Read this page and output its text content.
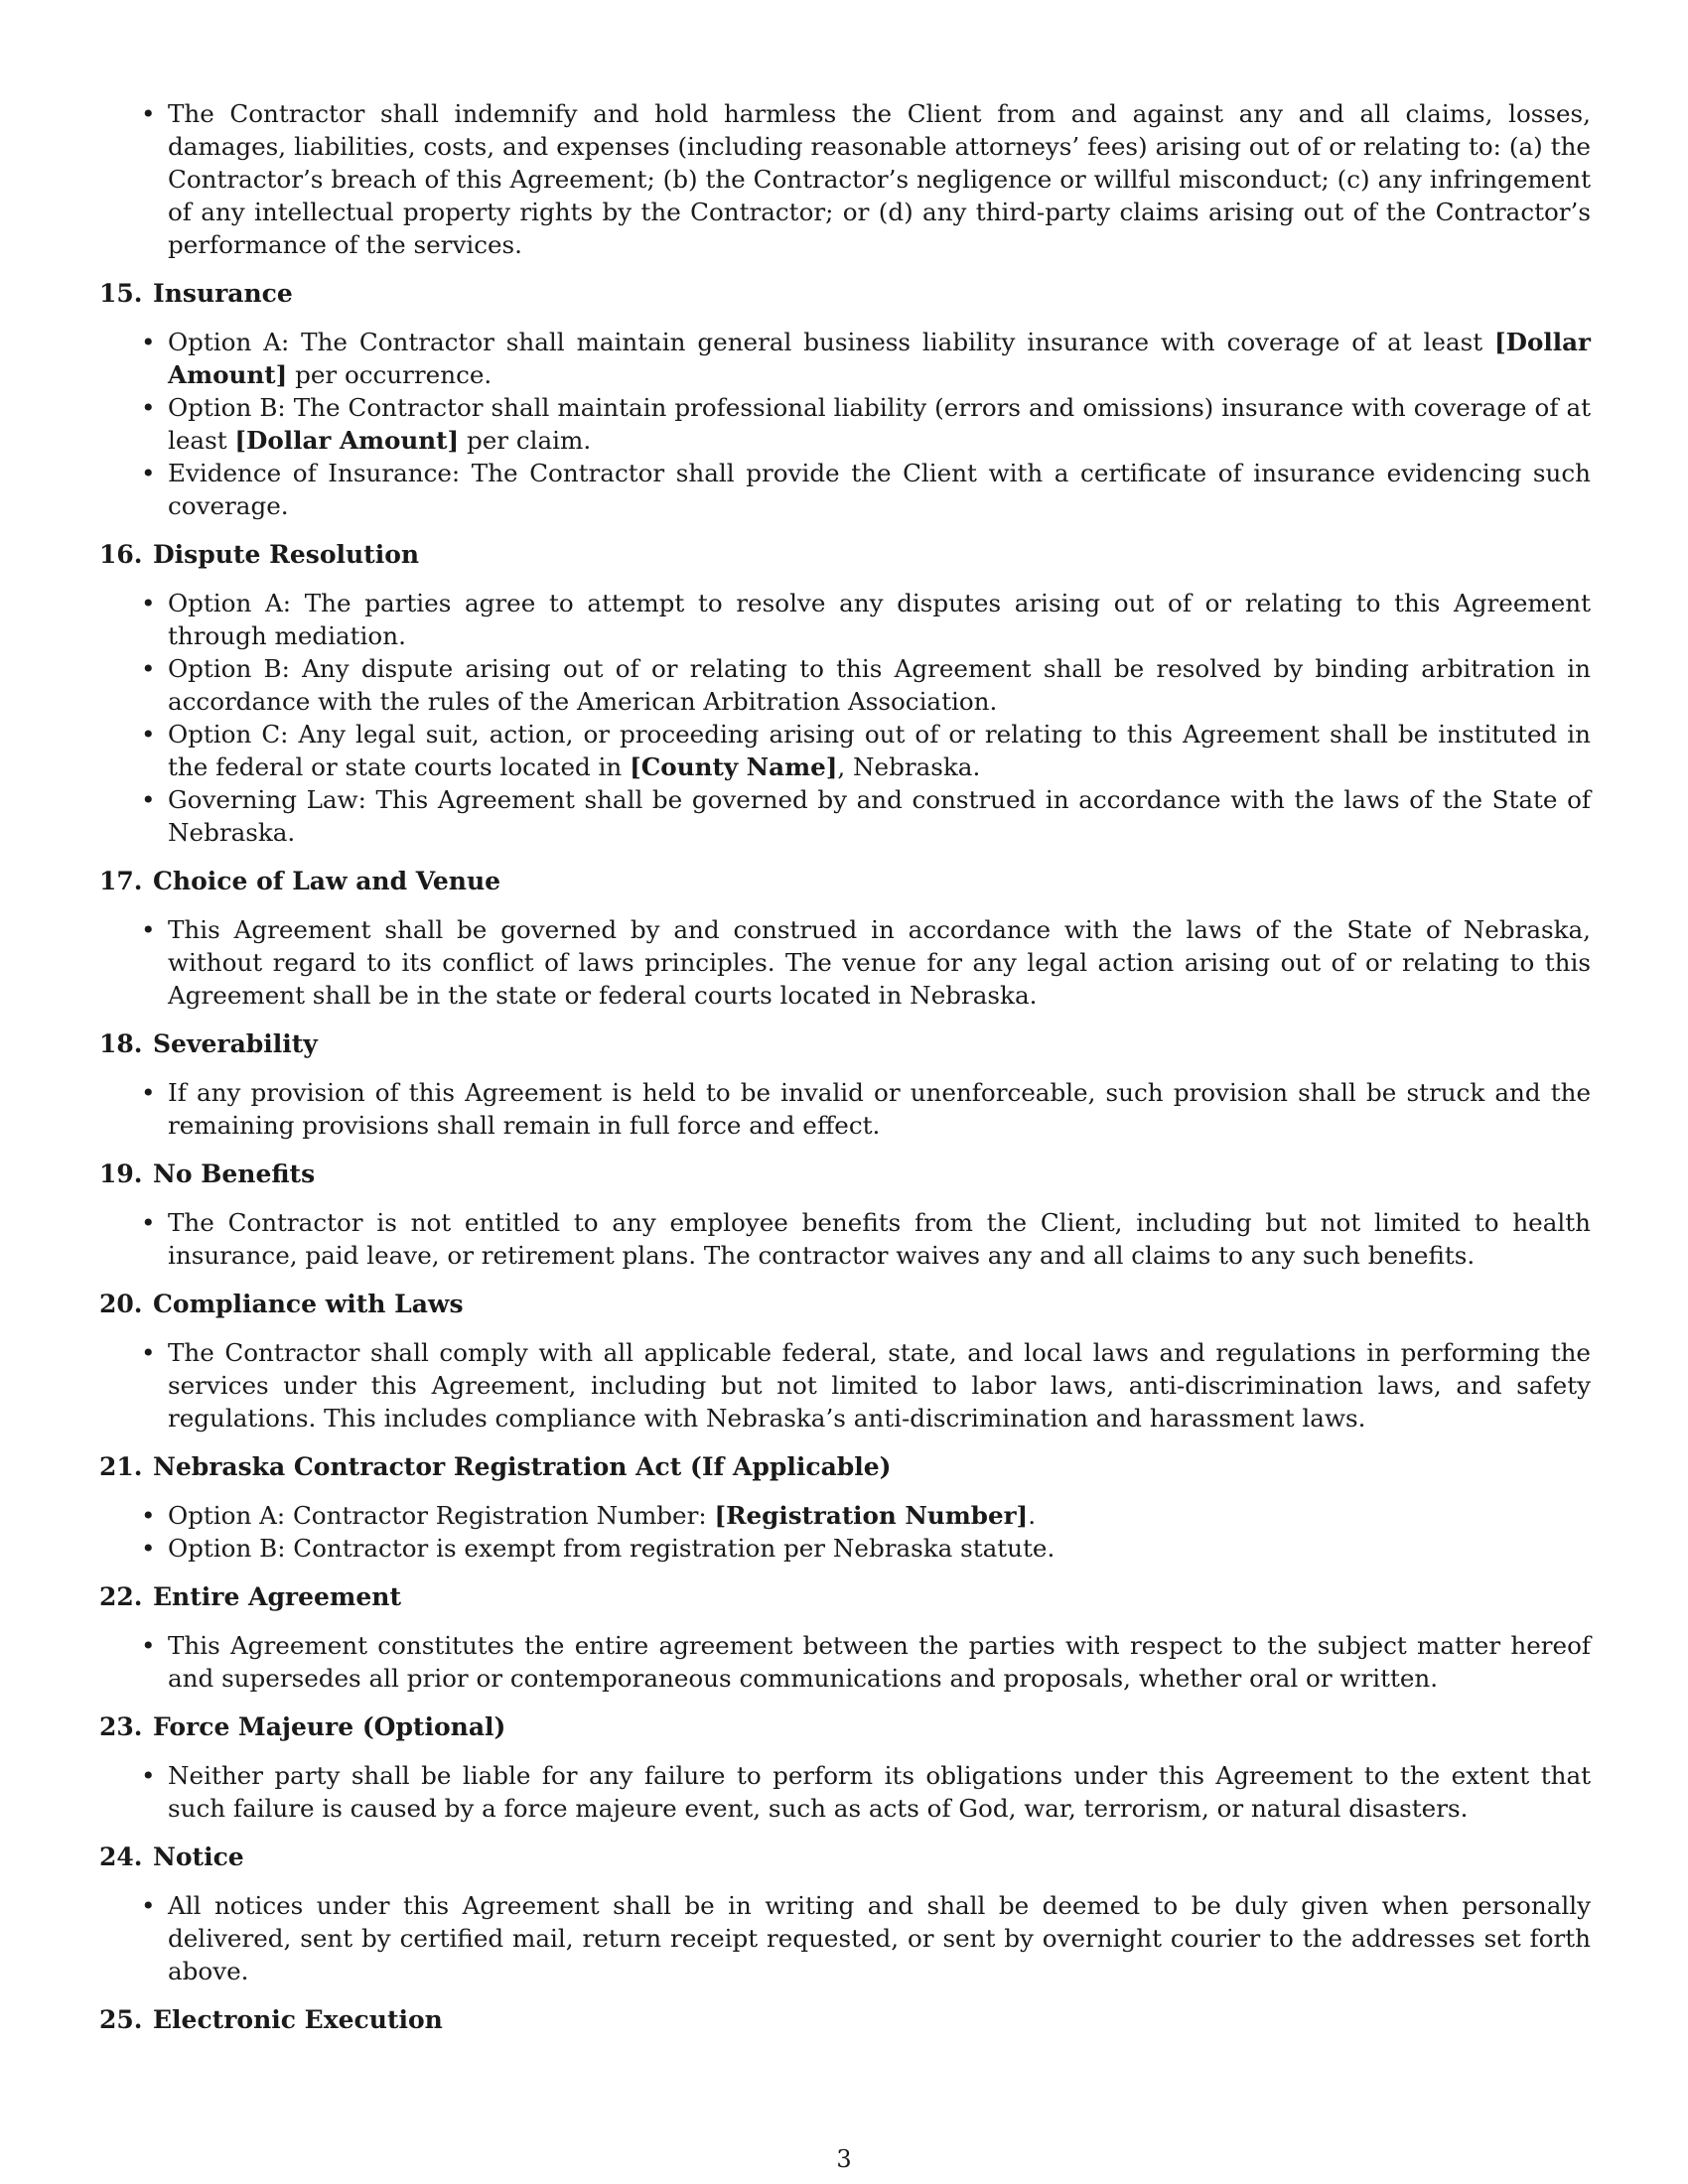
• The Contractor shall indemnify and hold harmless the Client from and against any and all claims, losses, damages, liabilities, costs, and expenses (including reasonable attorneys’ fees) arising out of or relating to: (a) the Contractor’s breach of this Agreement; (b) the Contractor’s negligence or willful misconduct; (c) any infringement of any intellectual property rights by the Contractor; or (d) any third-party claims arising out of the Contractor’s performance of the services.
15. Insurance
• Option A: The Contractor shall maintain general business liability insurance with coverage of at least [Dollar Amount] per occurrence.
• Option B: The Contractor shall maintain professional liability (errors and omissions) insurance with coverage of at least [Dollar Amount] per claim.
• Evidence of Insurance: The Contractor shall provide the Client with a certificate of insurance evidencing such coverage.
16. Dispute Resolution
• Option A: The parties agree to attempt to resolve any disputes arising out of or relating to this Agreement through mediation.
• Option B: Any dispute arising out of or relating to this Agreement shall be resolved by binding arbitration in accordance with the rules of the American Arbitration Association.
• Option C: Any legal suit, action, or proceeding arising out of or relating to this Agreement shall be instituted in the federal or state courts located in [County Name], Nebraska.
• Governing Law: This Agreement shall be governed by and construed in accordance with the laws of the State of Nebraska.
17. Choice of Law and Venue
• This Agreement shall be governed by and construed in accordance with the laws of the State of Nebraska, without regard to its conflict of laws principles. The venue for any legal action arising out of or relating to this Agreement shall be in the state or federal courts located in Nebraska.
18. Severability
• If any provision of this Agreement is held to be invalid or unenforceable, such provision shall be struck and the remaining provisions shall remain in full force and effect.
19. No Benefits
• The Contractor is not entitled to any employee benefits from the Client, including but not limited to health insurance, paid leave, or retirement plans. The contractor waives any and all claims to any such benefits.
20. Compliance with Laws
• The Contractor shall comply with all applicable federal, state, and local laws and regulations in performing the services under this Agreement, including but not limited to labor laws, anti-discrimination laws, and safety regulations. This includes compliance with Nebraska’s anti-discrimination and harassment laws.
21. Nebraska Contractor Registration Act (If Applicable)
• Option A: Contractor Registration Number: [Registration Number].
• Option B: Contractor is exempt from registration per Nebraska statute.
22. Entire Agreement
• This Agreement constitutes the entire agreement between the parties with respect to the subject matter hereof and supersedes all prior or contemporaneous communications and proposals, whether oral or written.
23. Force Majeure (Optional)
• Neither party shall be liable for any failure to perform its obligations under this Agreement to the extent that such failure is caused by a force majeure event, such as acts of God, war, terrorism, or natural disasters.
24. Notice
• All notices under this Agreement shall be in writing and shall be deemed to be duly given when personally delivered, sent by certified mail, return receipt requested, or sent by overnight courier to the addresses set forth above.
25. Electronic Execution
3
